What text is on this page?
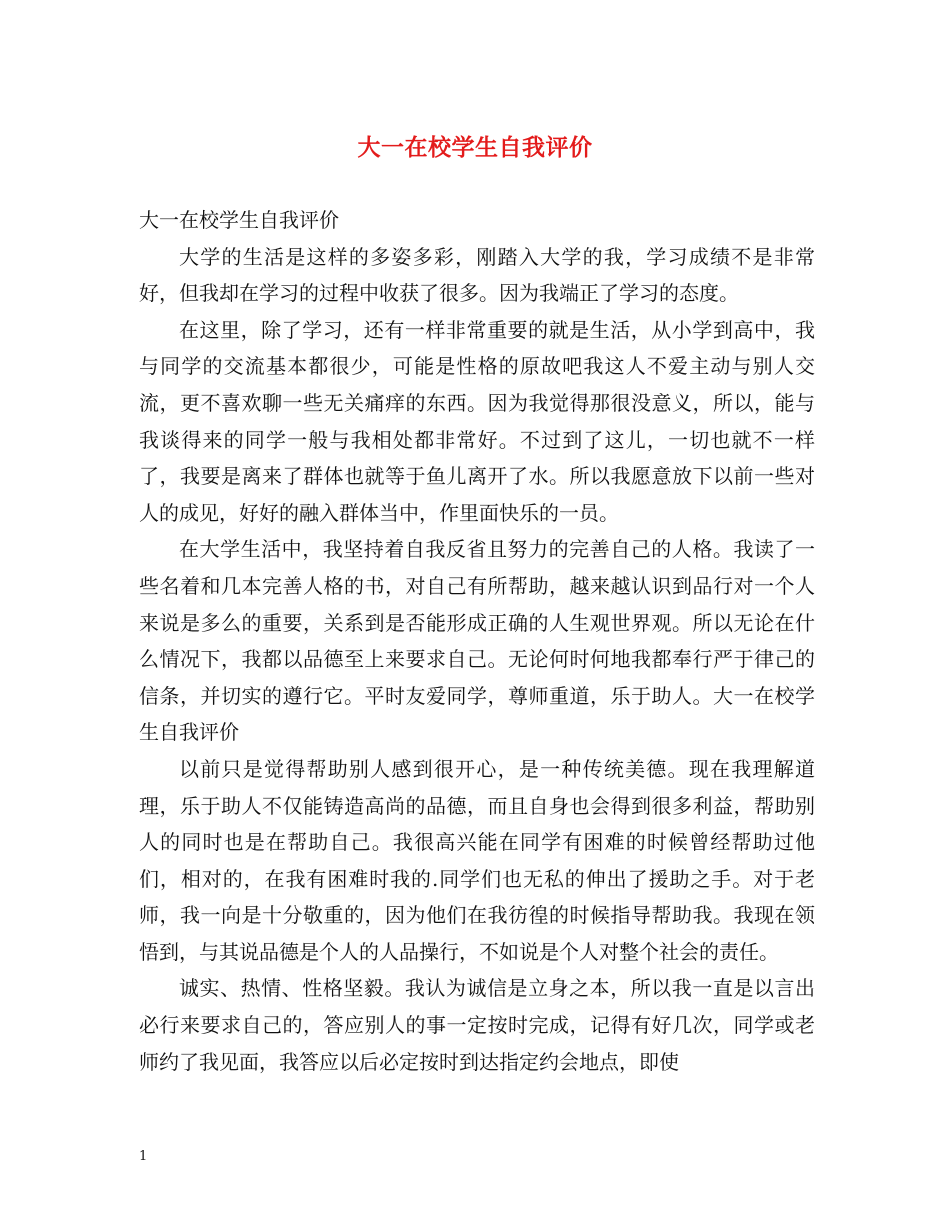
大一在校学生自我评价

大一在校学生自我评价

大学的生活是这样的多姿多彩，刚踏入大学的我，学习成绩不是非常好，但我却在学习的过程中收获了很多。因为我端正了学习的态度。

在这里，除了学习，还有一样非常重要的就是生活，从小学到高中，我与同学的交流基本都很少，可能是性格的原故吧我这人不爱主动与别人交流，更不喜欢聊一些无关痛痒的东西。因为我觉得那很没意义，所以，能与我谈得来的同学一般与我相处都非常好。不过到了这儿，一切也就不一样了，我要是离来了群体也就等于鱼儿离开了水。所以我愿意放下以前一些对人的成见，好好的融入群体当中，作里面快乐的一员。

在大学生活中，我坚持着自我反省且努力的完善自己的人格。我读了一些名着和几本完善人格的书，对自己有所帮助，越来越认识到品行对一个人来说是多么的重要，关系到是否能形成正确的人生观世界观。所以无论在什么情况下，我都以品德至上来要求自己。无论何时何地我都奉行严于律己的信条，并切实的遵行它。平时友爱同学，尊师重道，乐于助人。大一在校学生自我评价

以前只是觉得帮助别人感到很开心，是一种传统美德。现在我理解道理，乐于助人不仅能铸造高尚的品德，而且自身也会得到很多利益，帮助别人的同时也是在帮助自己。我很高兴能在同学有困难的时候曾经帮助过他们，相对的，在我有困难时我的.同学们也无私的伸出了援助之手。对于老师，我一向是十分敬重的，因为他们在我彷徨的时候指导帮助我。我现在领悟到，与其说品德是个人的人品操行，不如说是个人对整个社会的责任。

诚实、热情、性格坚毅。我认为诚信是立身之本，所以我一直是以言出必行来要求自己的，答应别人的事一定按时完成，记得有好几次，同学或老师约了我见面，我答应以后必定按时到达指定约会地点，即使

1
